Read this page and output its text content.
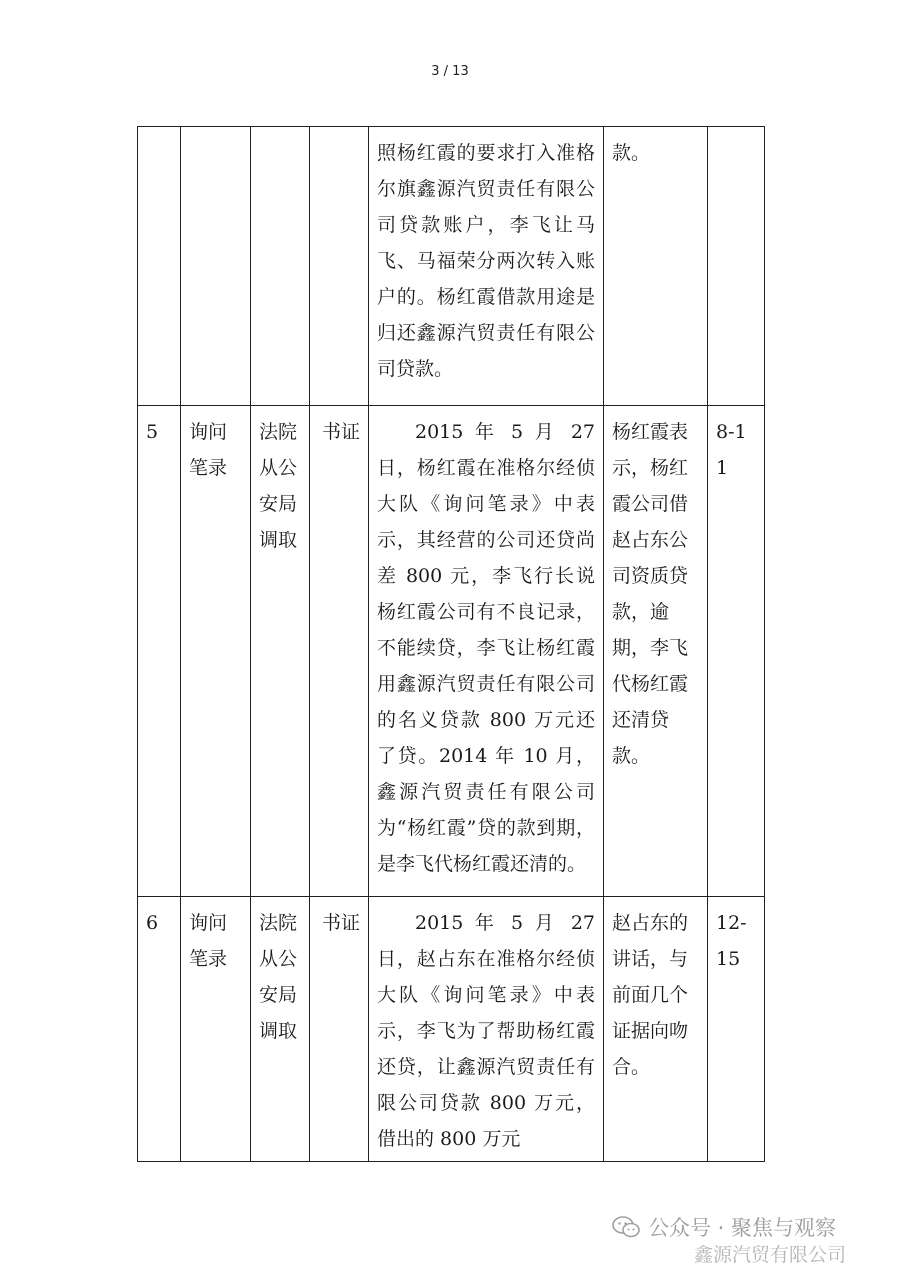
3 / 13
				照杨红霞的要求打入准格尔旗鑫源汽贸责任有限公司贷款账户，李飞让马飞、马福荣分两次转入账户的。杨红霞借款用途是归还鑫源汽贸责任有限公司贷款。	款。	
5	询问笔录	法院从公安局调取	书证	2015 年 5 月 27 日，杨红霞在准格尔经侦大队《询问笔录》中表示，其经营的公司还贷尚差 800 元，李飞行长说杨红霞公司有不良记录，不能续贷，李飞让杨红霞用鑫源汽贸责任有限公司的名义贷款 800 万元还了贷。2014 年 10 月，鑫源汽贸责任有限公司为“杨红霞”贷的款到期，是李飞代杨红霞还清的。	杨红霞表示，杨红霞公司借赵占东公司资质贷款，逾期，李飞代杨红霞还清贷款。	8-11
6	询问笔录	法院从公安局调取	书证	2015 年 5 月 27 日，赵占东在准格尔经侦大队《询问笔录》中表示，李飞为了帮助杨红霞还贷，让鑫源汽贸责任有限公司贷款 800 万元，借出的 800 万元	赵占东的讲话，与前面几个证据向吻合。	12-15
公众号 · 聚焦与观察
鑫源汽贸有限公司
